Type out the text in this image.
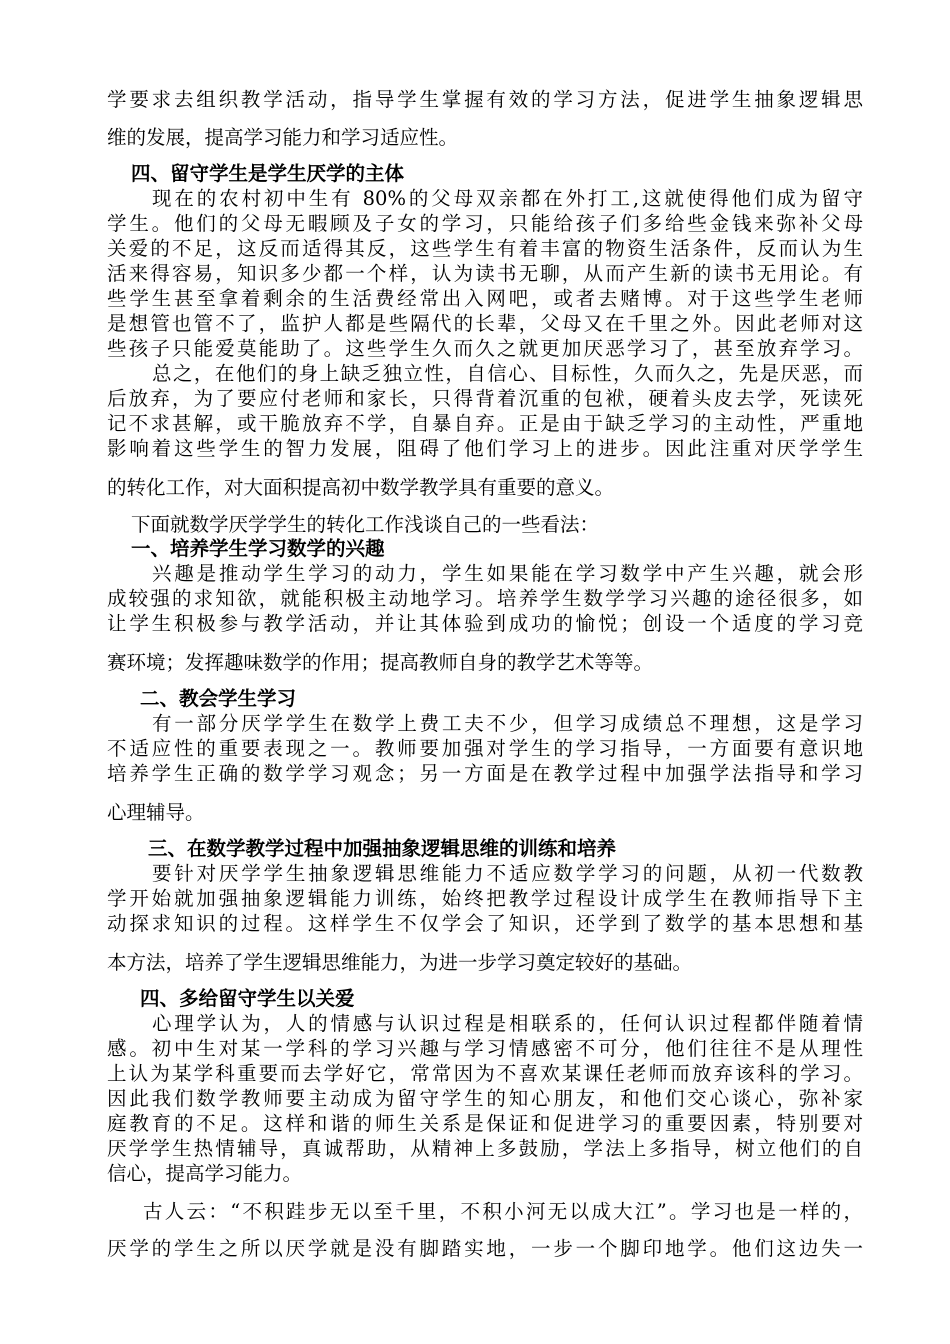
学要求去组织教学活动，指导学生掌握有效的学习方法，促进学生抽象逻辑思
维的发展，提高学习能力和学习适应性。
四、留守学生是学生厌学的主体
现在的农村初中生有 80%的父母双亲都在外打工,这就使得他们成为留守
学生。他们的父母无暇顾及子女的学习，只能给孩子们多给些金钱来弥补父母
关爱的不足，这反而适得其反，这些学生有着丰富的物资生活条件，反而认为生
活来得容易，知识多少都一个样，认为读书无聊，从而产生新的读书无用论。有
些学生甚至拿着剩余的生活费经常出入网吧，或者去赌博。对于这些学生老师
是想管也管不了，监护人都是些隔代的长辈，父母又在千里之外。因此老师对这
些孩子只能爱莫能助了。这些学生久而久之就更加厌恶学习了，甚至放弃学习。
总之，在他们的身上缺乏独立性，自信心、目标性，久而久之，先是厌恶，而
后放弃，为了要应付老师和家长，只得背着沉重的包袱，硬着头皮去学，死读死
记不求甚解，或干脆放弃不学，自暴自弃。正是由于缺乏学习的主动性，严重地
影响着这些学生的智力发展，阻碍了他们学习上的进步。因此注重对厌学学生
的转化工作，对大面积提高初中数学教学具有重要的意义。
下面就数学厌学学生的转化工作浅谈自己的一些看法：
一、培养学生学习数学的兴趣
兴趣是推动学生学习的动力，学生如果能在学习数学中产生兴趣，就会形
成较强的求知欲，就能积极主动地学习。培养学生数学学习兴趣的途径很多，如
让学生积极参与教学活动，并让其体验到成功的愉悦；创设一个适度的学习竞
赛环境；发挥趣味数学的作用；提高教师自身的教学艺术等等。
二、教会学生学习
有一部分厌学学生在数学上费工夫不少，但学习成绩总不理想，这是学习
不适应性的重要表现之一。教师要加强对学生的学习指导，一方面要有意识地
培养学生正确的数学学习观念；另一方面是在教学过程中加强学法指导和学习
心理辅导。
三、在数学教学过程中加强抽象逻辑思维的训练和培养
要针对厌学学生抽象逻辑思维能力不适应数学学习的问题，从初一代数教
学开始就加强抽象逻辑能力训练，始终把教学过程设计成学生在教师指导下主
动探求知识的过程。这样学生不仅学会了知识，还学到了数学的基本思想和基
本方法，培养了学生逻辑思维能力，为进一步学习奠定较好的基础。
四、多给留守学生以关爱
心理学认为，人的情感与认识过程是相联系的，任何认识过程都伴随着情
感。初中生对某一学科的学习兴趣与学习情感密不可分，他们往往不是从理性
上认为某学科重要而去学好它，常常因为不喜欢某课任老师而放弃该科的学习。
因此我们数学教师要主动成为留守学生的知心朋友，和他们交心谈心，弥补家
庭教育的不足。这样和谐的师生关系是保证和促进学习的重要因素，特别要对
厌学学生热情辅导，真诚帮助，从精神上多鼓励，学法上多指导，树立他们的自
信心，提高学习能力。
古人云：“不积跬步无以至千里，不积小河无以成大江”。学习也是一样的，
厌学的学生之所以厌学就是没有脚踏实地，一步一个脚印地学。他们这边失一
